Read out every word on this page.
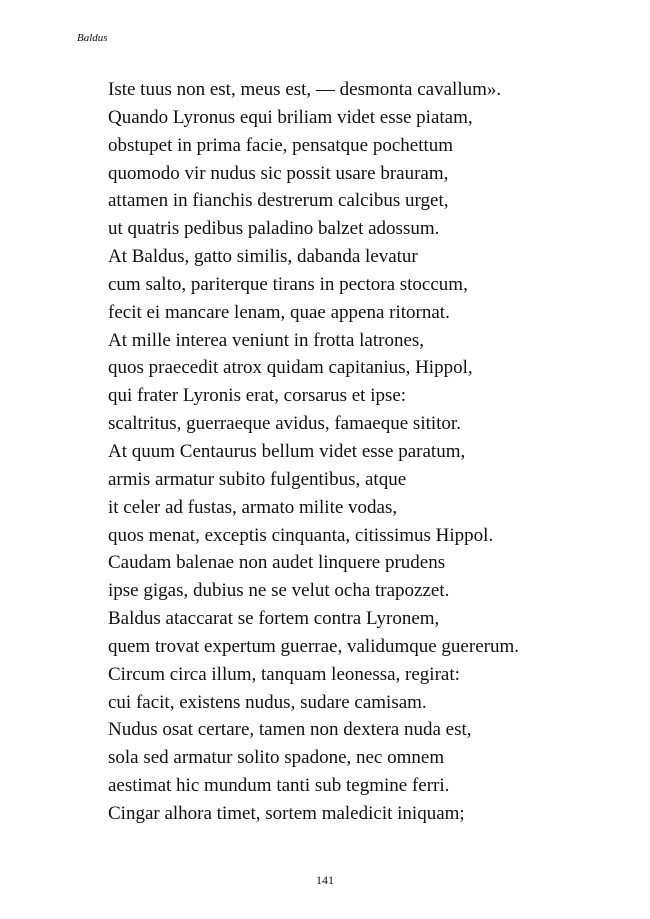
Baldus
Iste tuus non est, meus est, — desmonta cavallum».
Quando Lyronus equi briliam videt esse piatam,
obstupet in prima facie, pensatque pochettum
quomodo vir nudus sic possit usare brauram,
attamen in fianchis destrerum calcibus urget,
ut quatris pedibus paladino balzet adossum.
At Baldus, gatto similis, dabanda levatur
cum salto, pariterque tirans in pectora stoccum,
fecit ei mancare lenam, quae appena ritornat.
At mille interea veniunt in frotta latrones,
quos praecedit atrox quidam capitanius, Hippol,
qui frater Lyronis erat, corsarus et ipse:
scaltritus, guerraeque avidus, famaeque sititor.
At quum Centaurus bellum videt esse paratum,
armis armatur subito fulgentibus, atque
it celer ad fustas, armato milite vodas,
quos menat, exceptis cinquanta, citissimus Hippol.
Caudam balenae non audet linquere prudens
ipse gigas, dubius ne se velut ocha trapozzet.
Baldus ataccarat se fortem contra Lyronem,
quem trovat expertum guerrae, validumque guererum.
Circum circa illum, tanquam leonessa, regirat:
cui facit, existens nudus, sudare camisam.
Nudus osat certare, tamen non dextera nuda est,
sola sed armatur solito spadone, nec omnem
aestimat hic mundum tanti sub tegmine ferri.
Cingar alhora timet, sortem maledicit iniquam;
141
